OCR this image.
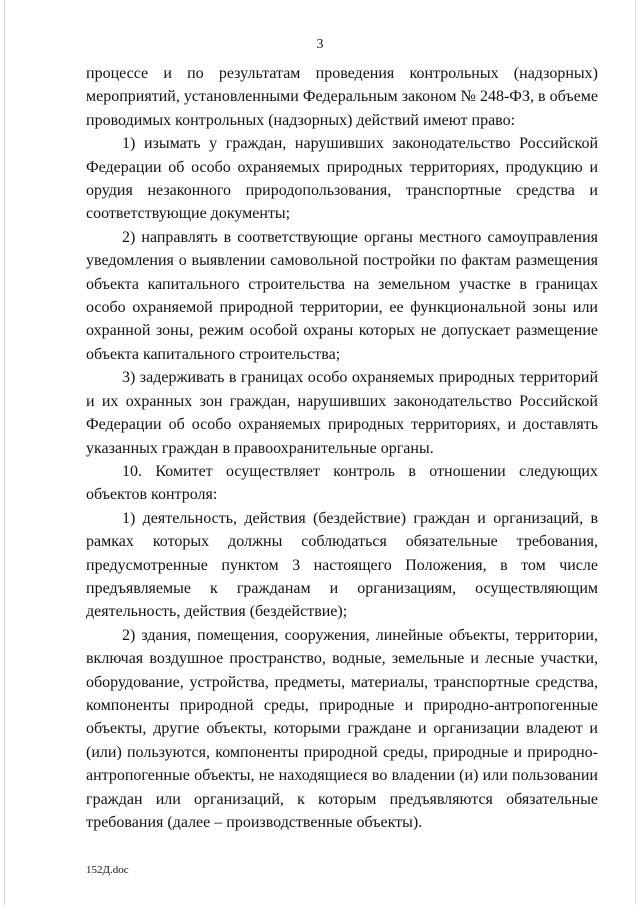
3

процессе и по результатам проведения контрольных (надзорных) мероприятий, установленными Федеральным законом № 248-ФЗ, в объеме проводимых контрольных (надзорных) действий имеют право:

1) изымать у граждан, нарушивших законодательство Российской Федерации об особо охраняемых природных территориях, продукцию и орудия незаконного природопользования, транспортные средства и соответствующие документы;

2) направлять в соответствующие органы местного самоуправления уведомления о выявлении самовольной постройки по фактам размещения объекта капитального строительства на земельном участке в границах особо охраняемой природной территории, ее функциональной зоны или охранной зоны, режим особой охраны которых не допускает размещение объекта капитального строительства;

3) задерживать в границах особо охраняемых природных территорий и их охранных зон граждан, нарушивших законодательство Российской Федерации об особо охраняемых природных территориях, и доставлять указанных граждан в правоохранительные органы.

10. Комитет осуществляет контроль в отношении следующих объектов контроля:

1) деятельность, действия (бездействие) граждан и организаций, в рамках которых должны соблюдаться обязательные требования, предусмотренные пунктом 3 настоящего Положения, в том числе предъявляемые к гражданам и организациям, осуществляющим деятельность, действия (бездействие);

2) здания, помещения, сооружения, линейные объекты, территории, включая воздушное пространство, водные, земельные и лесные участки, оборудование, устройства, предметы, материалы, транспортные средства, компоненты природной среды, природные и природно-антропогенные объекты, другие объекты, которыми граждане и организации владеют и (или) пользуются, компоненты природной среды, природные и природно-антропогенные объекты, не находящиеся во владении (и) или пользовании граждан или организаций, к которым предъявляются обязательные требования (далее – производственные объекты).

152Д.doc
